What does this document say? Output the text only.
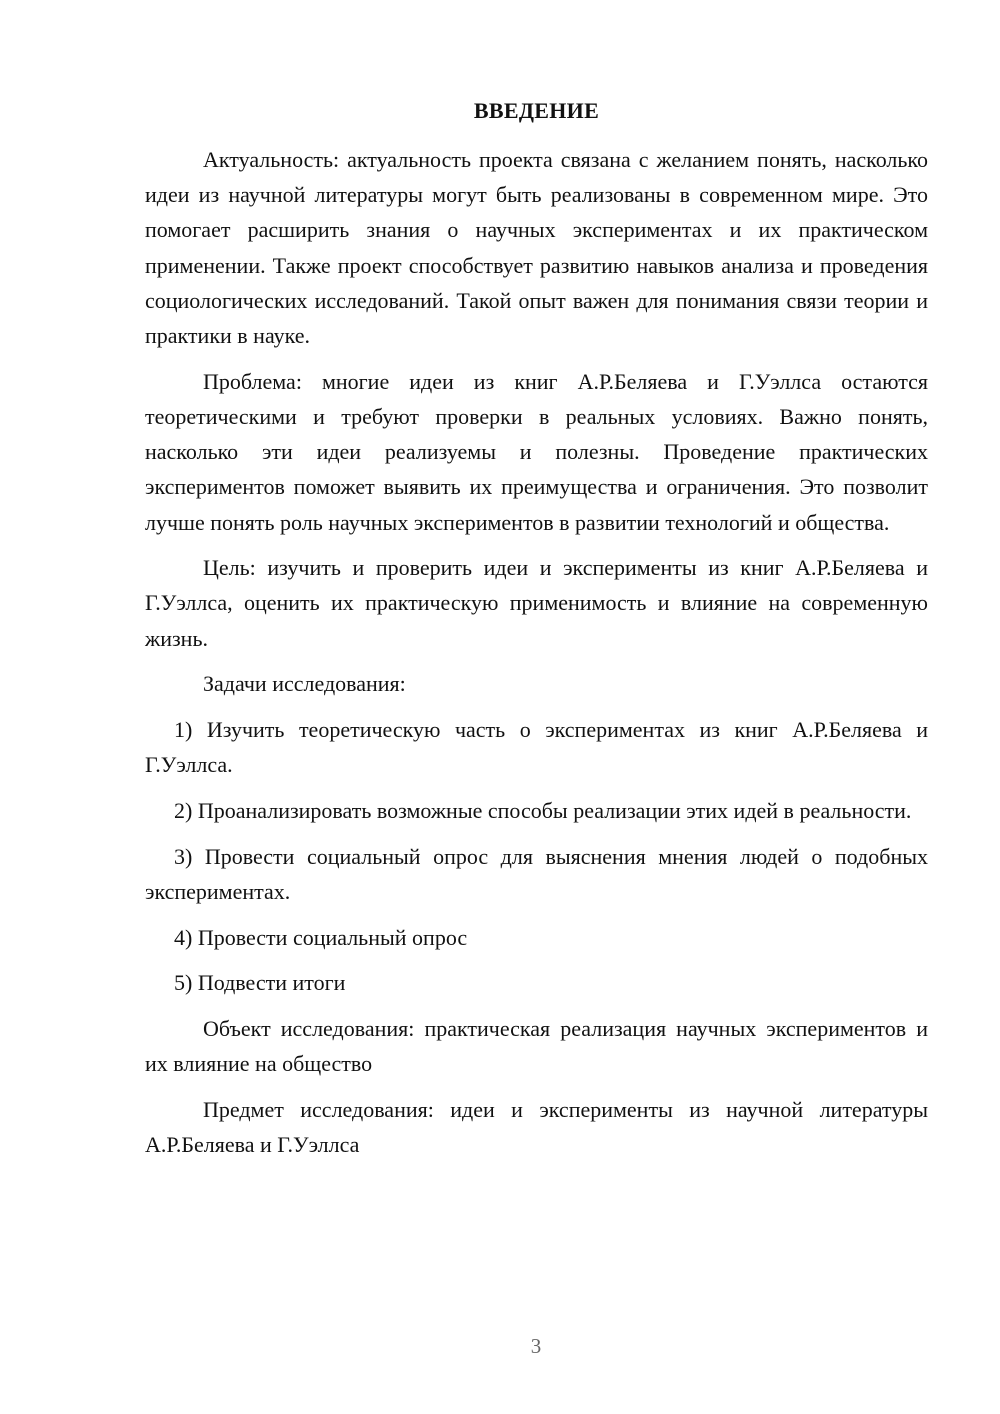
ВВЕДЕНИЕ

Актуальность: актуальность проекта связана с желанием понять, насколько идеи из научной литературы могут быть реализованы в современном мире. Это помогает расширить знания о научных экспериментах и их практическом применении. Также проект способствует развитию навыков анализа и проведения социологических исследований. Такой опыт важен для понимания связи теории и практики в науке.

Проблема: многие идеи из книг А.Р.Беляева и Г.Уэллса остаются теоретическими и требуют проверки в реальных условиях. Важно понять, насколько эти идеи реализуемы и полезны. Проведение практических экспериментов поможет выявить их преимущества и ограничения. Это позволит лучше понять роль научных экспериментов в развитии технологий и общества.

Цель: изучить и проверить идеи и эксперименты из книг А.Р.Беляева и Г.Уэллса, оценить их практическую применимость и влияние на современную жизнь.

Задачи исследования:

1) Изучить теоретическую часть о экспериментах из книг А.Р.Беляева и Г.Уэллса.

2) Проанализировать возможные способы реализации этих идей в реальности.

3) Провести социальный опрос для выяснения мнения людей о подобных экспериментах.

4) Провести социальный опрос

5) Подвести итоги

Объект исследования: практическая реализация научных экспериментов и их влияние на общество

Предмет исследования: идеи и эксперименты из научной литературы А.Р.Беляева и Г.Уэллса

3
